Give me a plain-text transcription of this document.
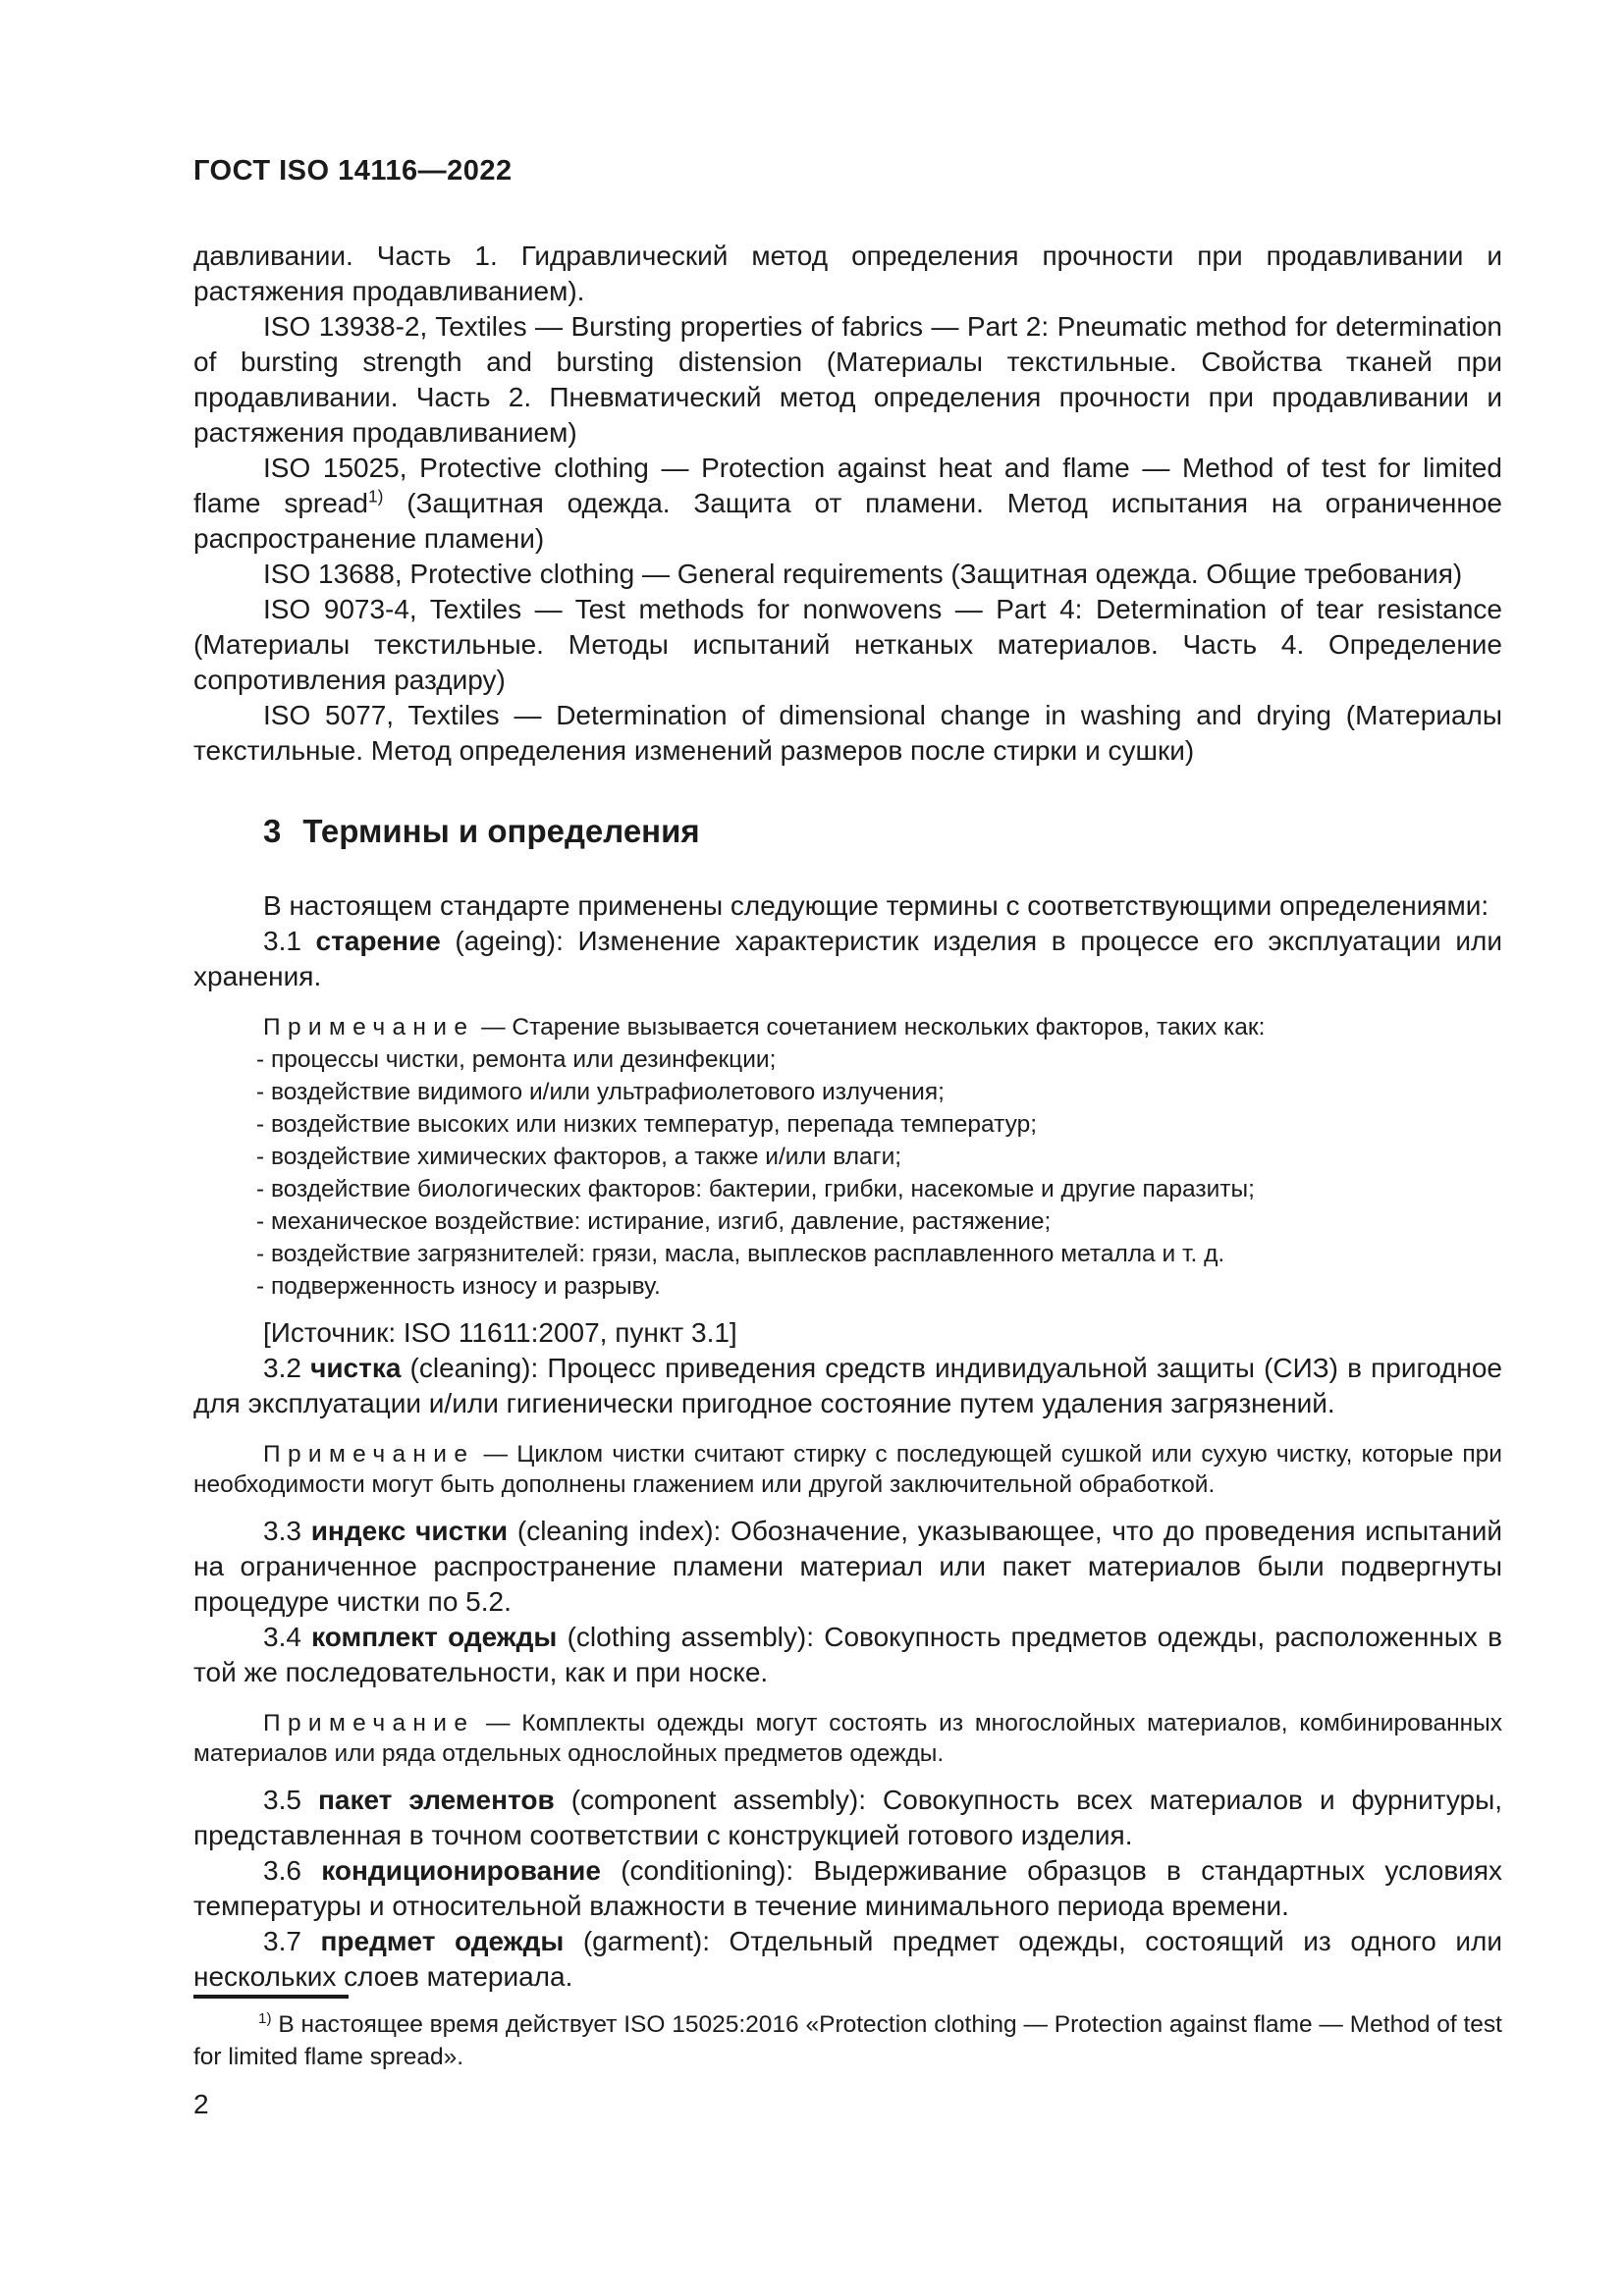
ГОСТ ISO 14116—2022

давливании. Часть 1. Гидравлический метод определения прочности при продавливании и растяжения продавливанием).

ISO 13938-2, Textiles — Bursting properties of fabrics — Part 2: Pneumatic method for determination of bursting strength and bursting distension (Материалы текстильные. Свойства тканей при продавливании. Часть 2. Пневматический метод определения прочности при продавливании и растяжения продавливанием)

ISO 15025, Protective clothing — Protection against heat and flame — Method of test for limited flame spread$^{1)}$ (Защитная одежда. Защита от пламени. Метод испытания на ограниченное распространение пламени)

ISO 13688, Protective clothing — General requirements (Защитная одежда. Общие требования)

ISO 9073-4, Textiles — Test methods for nonwovens — Part 4: Determination of tear resistance (Материалы текстильные. Методы испытаний нетканых материалов. Часть 4. Определение сопротивления раздиру)

ISO 5077, Textiles — Determination of dimensional change in washing and drying (Материалы текстильные. Метод определения изменений размеров после стирки и сушки)

3 Термины и определения

В настоящем стандарте применены следующие термины с соответствующими определениями:

3.1 старение (ageing): Изменение характеристик изделия в процессе его эксплуатации или хранения.

Примечание — Старение вызывается сочетанием нескольких факторов, таких как:

- процессы чистки, ремонта или дезинфекции;
- воздействие видимого и/или ультрафиолетового излучения;
- воздействие высоких или низких температур, перепада температур;
- воздействие химических факторов, а также и/или влаги;
- воздействие биологических факторов: бактерии, грибки, насекомые и другие паразиты;
- механическое воздействие: истирание, изгиб, давление, растяжение;
- воздействие загрязнителей: грязи, масла, выплесков расплавленного металла и т. д.
- подверженность износу и разрыву.

[Источник: ISO 11611:2007, пункт 3.1]

3.2 чистка (cleaning): Процесс приведения средств индивидуальной защиты (СИЗ) в пригодное для эксплуатации и/или гигиенически пригодное состояние путем удаления загрязнений.

Примечание — Циклом чистки считают стирку с последующей сушкой или сухую чистку, которые при необходимости могут быть дополнены глажением или другой заключительной обработкой.

3.3 индекс чистки (cleaning index): Обозначение, указывающее, что до проведения испытаний на ограниченное распространение пламени материал или пакет материалов были подвергнуты процедуре чистки по 5.2.

3.4 комплект одежды (clothing assembly): Совокупность предметов одежды, расположенных в той же последовательности, как и при носке.

Примечание — Комплекты одежды могут состоять из многослойных материалов, комбинированных материалов или ряда отдельных однослойных предметов одежды.

3.5 пакет элементов (component assembly): Совокупность всех материалов и фурнитуры, представленная в точном соответствии с конструкцией готового изделия.

3.6 кондиционирование (conditioning): Выдерживание образцов в стандартных условиях температуры и относительной влажности в течение минимального периода времени.

3.7 предмет одежды (garment): Отдельный предмет одежды, состоящий из одного или нескольких слоев материала.

$^{1)}$ В настоящее время действует ISO 15025:2016 «Protection clothing — Protection against flame — Method of test for limited flame spread».

2
